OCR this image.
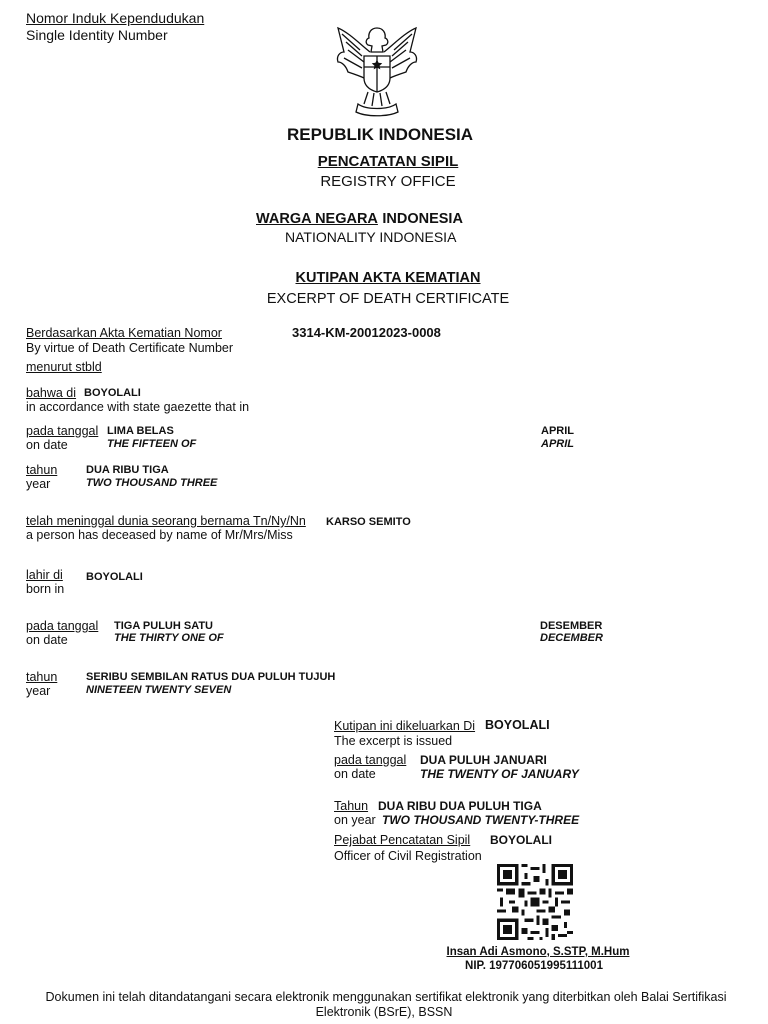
Nomor Induk Kependudukan
Single Identity Number
REPUBLIK INDONESIA
PENCATATAN SIPIL
REGISTRY OFFICE
WARGA NEGARA INDONESIA
NATIONALITY INDONESIA
KUTIPAN AKTA KEMATIAN
EXCERPT OF DEATH CERTIFICATE
Berdasarkan Akta Kematian Nomor
By virtue of Death Certificate Number
3314-KM-20012023-0008
menurut stbld
bahwa di BOYOLALI
in accordance with state gaezette that in
pada tanggal
on date
LIMA BELAS
THE FIFTEEN OF
APRIL
APRIL
tahun
year
DUA RIBU TIGA
TWO THOUSAND THREE
telah meninggal dunia seorang bernama Tn/Ny/Nn KARSO SEMITO
a person has deceased by name of Mr/Mrs/Miss
lahir di
born in
BOYOLALI
pada tanggal
on date
TIGA PULUH SATU
THE THIRTY ONE OF
DESEMBER
DECEMBER
tahun
year
SERIBU SEMBILAN RATUS DUA PULUH TUJUH
NINETEEN TWENTY SEVEN
Kutipan ini dikeluarkan Di BOYOLALI
The excerpt is issued
pada tanggal
on date
DUA PULUH JANUARI
THE TWENTY OF JANUARY
Tahun DUA RIBU DUA PULUH TIGA
on year TWO THOUSAND TWENTY-THREE
Pejabat Pencatatan Sipil BOYOLALI
Officer of Civil Registration
Insan Adi Asmono, S.STP, M.Hum
NIP. 197706051995111001
Dokumen ini telah ditandatangani secara elektronik menggunakan sertifikat elektronik yang diterbitkan oleh Balai Sertifikasi
Elektronik (BSrE), BSSN
